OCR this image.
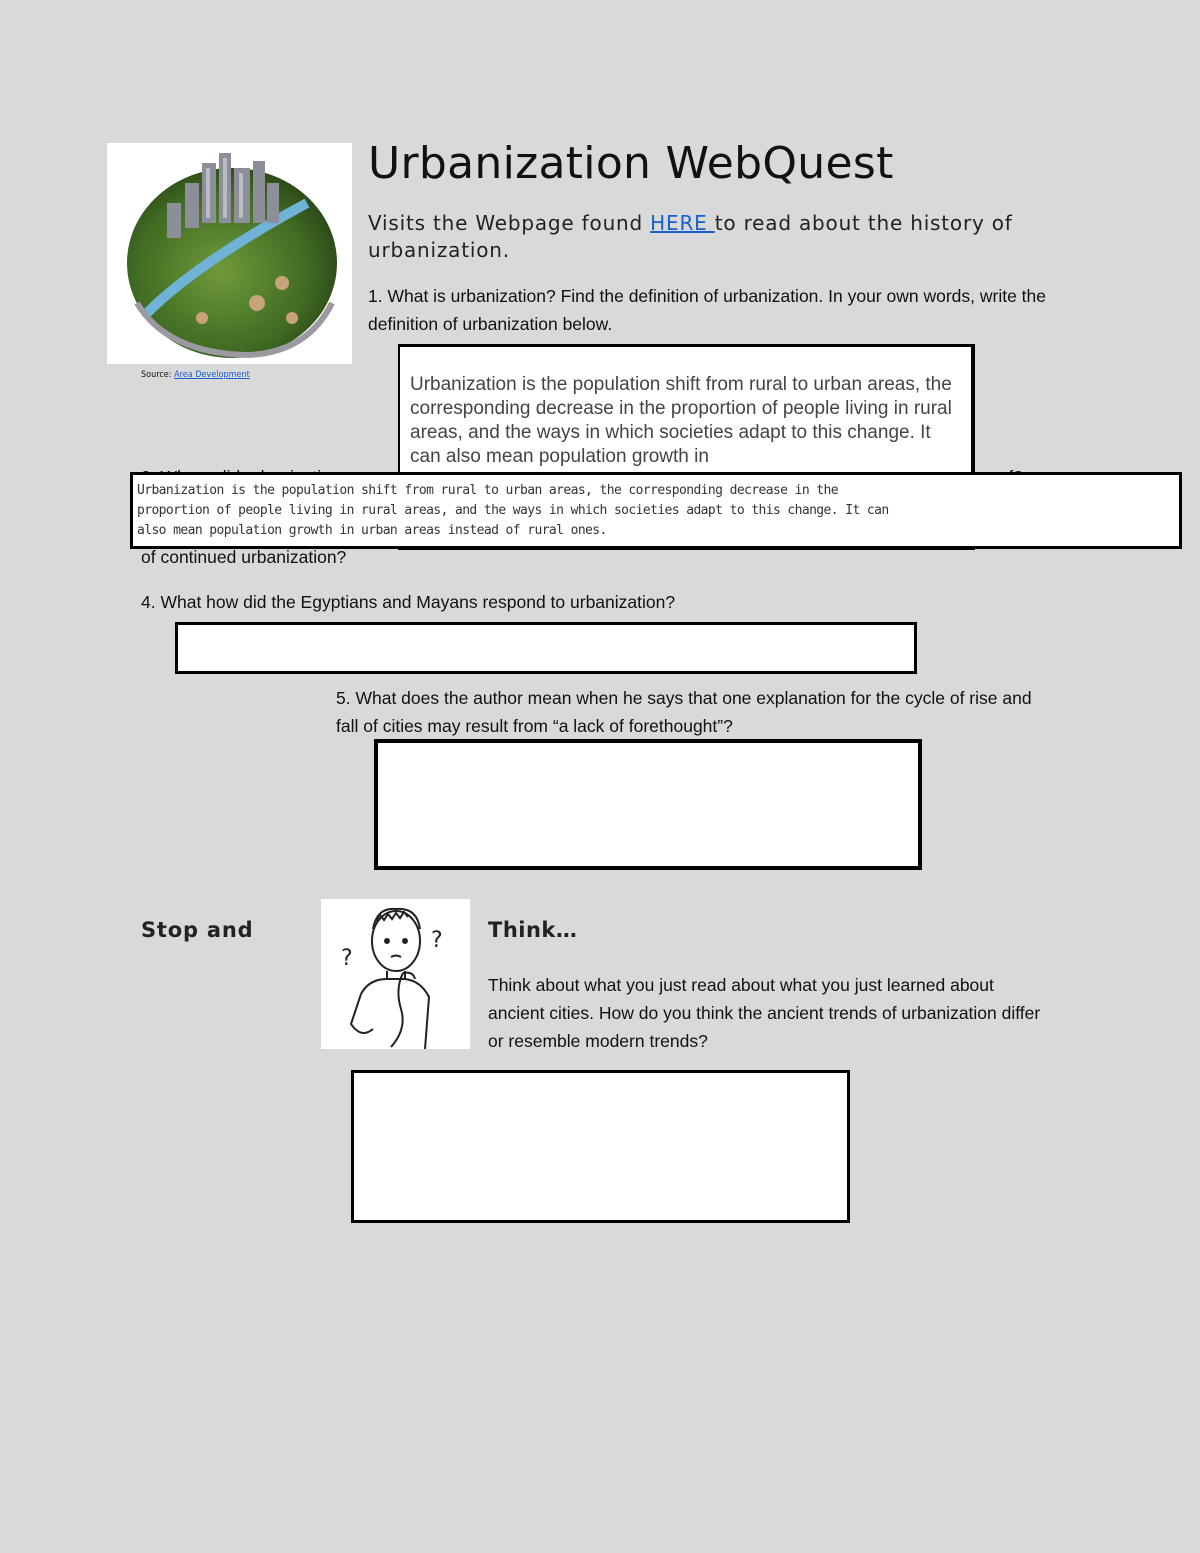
Source: Area Development
Urbanization WebQuest
Visits the Webpage found HERE to read about the history of urbanization.
1. What is urbanization? Find the definition of urbanization. In your own words, write the definition of urbanization below.
Urbanization is the population shift from rural to urban areas, the corresponding decrease in the proportion of people living in rural areas, and the ways in which societies adapt to this change. It can also mean population growth in
Urbanization is the population shift from rural to urban areas, the corresponding decrease in the proportion of people living in rural areas, and the ways in which societies adapt to this change. It can also mean population growth in urban areas instead of rural ones.
of continued urbanization?
4. What how did the Egyptians and Mayans respond to urbanization?
5. What does the author mean when he says that one explanation for the cycle of rise and fall of cities may result from “a lack of forethought”?
Stop and
?
? Think…
Think about what you just read about what you just learned about ancient cities. How do you think the ancient trends of urbanization differ or resemble modern trends?
